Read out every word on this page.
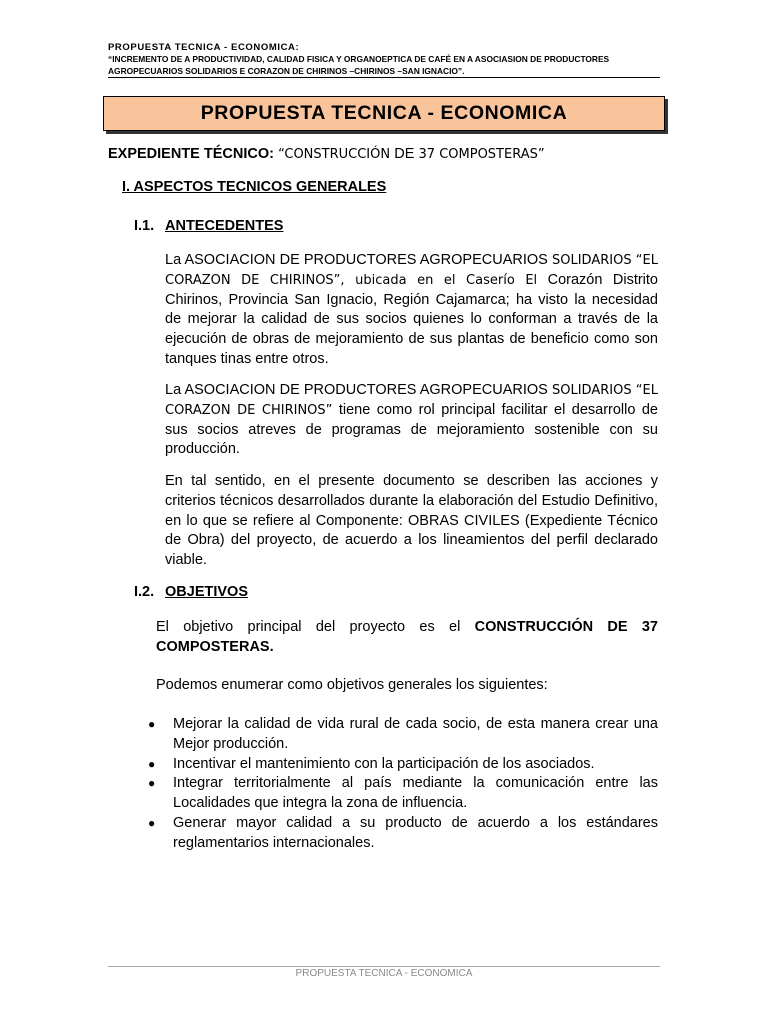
PROPUESTA TECNICA - ECONOMICA:
“INCREMENTO DE A PRODUCTIVIDAD, CALIDAD FISICA Y ORGANOEPTICA DE CAFÉ EN A ASOCIASION DE PRODUCTORES
AGROPECUARIOS SOLIDARIOS E CORAZON DE CHIRINOS –CHIRINOS –SAN IGNACIO”.
PROPUESTA TECNICA - ECONOMICA
EXPEDIENTE TÉCNICO: “CONSTRUCCIÓN DE 37 COMPOSTERAS”
I. ASPECTOS TECNICOS GENERALES
I.1. ANTECEDENTES
La ASOCIACION DE PRODUCTORES AGROPECUARIOS SOLIDARIOS “EL CORAZON DE CHIRINOS”, ubicada en el Caserío El Corazón Distrito Chirinos, Provincia San Ignacio, Región Cajamarca; ha visto la necesidad de mejorar la calidad de sus socios quienes lo conforman a través de la ejecución de obras de mejoramiento de sus plantas de beneficio como son tanques tinas entre otros.
La ASOCIACION DE PRODUCTORES AGROPECUARIOS SOLIDARIOS “EL CORAZON DE CHIRINOS” tiene como rol principal facilitar el desarrollo de sus socios atreves de programas de mejoramiento sostenible con su producción.
En tal sentido, en el presente documento se describen las acciones y criterios técnicos desarrollados durante la elaboración del Estudio Definitivo, en lo que se refiere al Componente: OBRAS CIVILES (Expediente Técnico de Obra) del proyecto, de acuerdo a los lineamientos del perfil declarado viable.
I.2. OBJETIVOS
El objetivo principal del proyecto es el CONSTRUCCIÓN DE 37 COMPOSTERAS.
Podemos enumerar como objetivos generales los siguientes:
● Mejorar la calidad de vida rural de cada socio, de esta manera crear una Mejor producción.
● Incentivar el mantenimiento con la participación de los asociados.
● Integrar territorialmente al país mediante la comunicación entre las Localidades que integra la zona de influencia.
● Generar mayor calidad a su producto de acuerdo a los estándares reglamentarios internacionales.
PROPUESTA TECNICA - ECONOMICA
